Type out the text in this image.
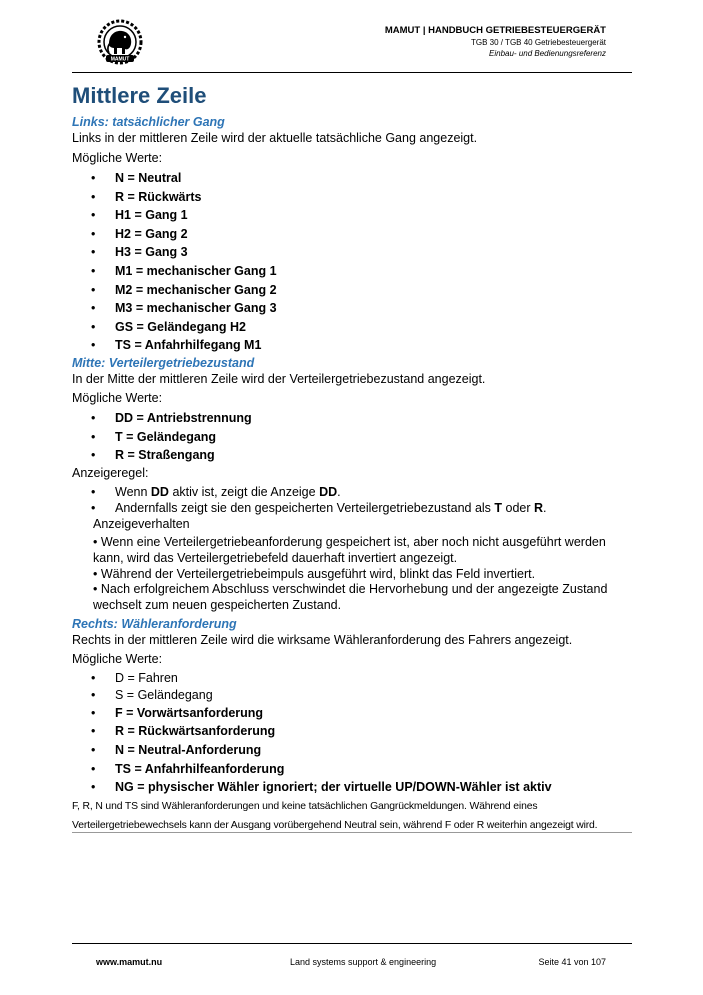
MAMUT
MAMUT | HANDBUCH GETRIEBESTEUERGERÄT
TGB 30 / TGB 40 Getriebesteuergerät
Einbau- und Bedienungsreferenz
Mittlere Zeile
Links: tatsächlicher Gang
Links in der mittleren Zeile wird der aktuelle tatsächliche Gang angezeigt.
Mögliche Werte:
• N = Neutral
• R = Rückwärts
• H1 = Gang 1
• H2 = Gang 2
• H3 = Gang 3
• M1 = mechanischer Gang 1
• M2 = mechanischer Gang 2
• M3 = mechanischer Gang 3
• GS = Geländegang H2
• TS = Anfahrhilfegang M1
Mitte: Verteilergetriebezustand
In der Mitte der mittleren Zeile wird der Verteilergetriebezustand angezeigt.
Mögliche Werte:
• DD = Antriebstrennung
• T = Geländegang
• R = Straßengang
Anzeigeregel:
• Wenn DD aktiv ist, zeigt die Anzeige DD.
• Andernfalls zeigt sie den gespeicherten Verteilergetriebezustand als T oder R.
Anzeigeverhalten
• Wenn eine Verteilergetriebeanforderung gespeichert ist, aber noch nicht ausgeführt werden kann, wird das Verteilergetriebefeld dauerhaft invertiert angezeigt.
• Während der Verteilergetriebeimpuls ausgeführt wird, blinkt das Feld invertiert.
• Nach erfolgreichem Abschluss verschwindet die Hervorhebung und der angezeigte Zustand wechselt zum neuen gespeicherten Zustand.
Rechts: Wähleranforderung
Rechts in der mittleren Zeile wird die wirksame Wähleranforderung des Fahrers angezeigt.
Mögliche Werte:
• D = Fahren
• S = Geländegang
• F = Vorwärtsanforderung
• R = Rückwärtsanforderung
• N = Neutral-Anforderung
• TS = Anfahrhilfeanforderung
• NG = physischer Wähler ignoriert; der virtuelle UP/DOWN-Wähler ist aktiv
F, R, N und TS sind Wähleranforderungen und keine tatsächlichen Gangrückmeldungen. Während eines
Verteilergetriebewechsels kann der Ausgang vorübergehend Neutral sein, während F oder R weiterhin angezeigt wird.
www.mamut.nu	Land systems support & engineering	Seite 41 von 107
